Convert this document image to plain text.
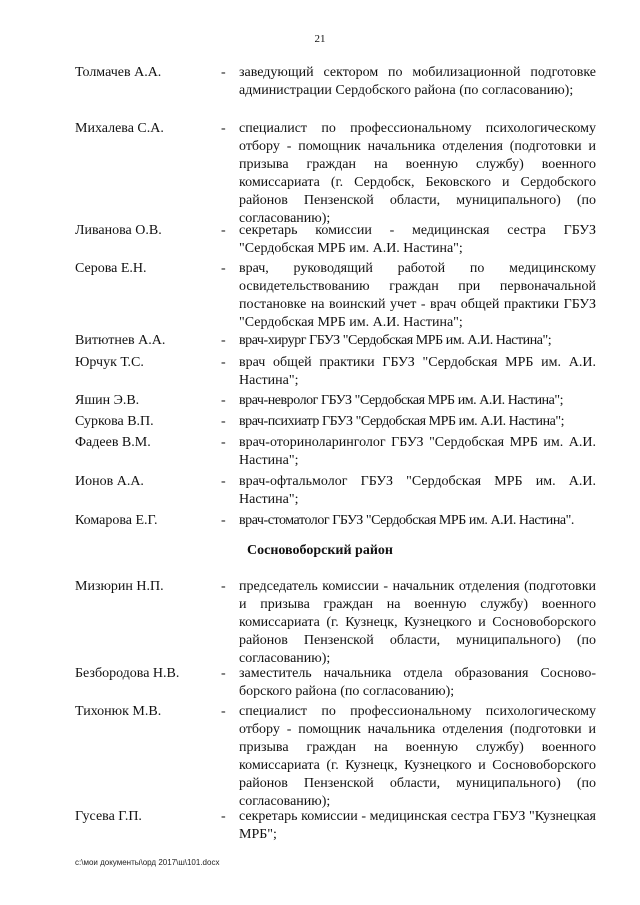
21
Толмачев А.А.	- заведующий сектором по мобилизационной подготовке администрации Сердобского района (по согласованию);
Михалева С.А.	- специалист по профессиональному психологическому отбору - помощник начальника отделения (подготовки и призыва граждан на военную службу) военного комиссариата (г. Сердобск, Бековского и Сердобского районов Пензенской области, муниципального) (по согласованию);
Ливанова О.В.	- секретарь комиссии - медицинская сестра ГБУЗ "Сердобская МРБ им. А.И. Настина";
Серова Е.Н.	- врач, руководящий работой по медицинскому освидетельствованию граждан при первоначальной постановке на воинский учет - врач общей практики ГБУЗ "Сердобская МРБ им. А.И. Настина";
Витютнев А.А.	- врач-хирург ГБУЗ "Сердобская МРБ им. А.И. Настина";
Юрчук Т.С.	- врач общей практики ГБУЗ "Сердобская МРБ им. А.И. Настина";
Яшин Э.В.	- врач-невролог ГБУЗ "Сердобская МРБ им. А.И. Настина";
Суркова В.П.	- врач-психиатр ГБУЗ "Сердобская МРБ им. А.И. Настина";
Фадеев В.М.	- врач-оториноларинголог ГБУЗ "Сердобская МРБ им. А.И. Настина";
Ионов А.А.	- врач-офтальмолог ГБУЗ "Сердобская МРБ им. А.И. Настина";
Комарова Е.Г.	- врач-стоматолог ГБУЗ "Сердобская МРБ им. А.И. Настина".
Сосновоборский район
Мизюрин Н.П.	- председатель комиссии - начальник отделения (подготовки и призыва граждан на военную службу) военного комиссариата (г. Кузнецк, Кузнецкого и Сосновоборского районов Пензенской области, муниципального) (по согласованию);
Безбородова Н.В.	- заместитель начальника отдела образования Сосново-борского района (по согласованию);
Тихонюк М.В.	- специалист по профессиональному психологическому отбору - помощник начальника отделения (подготовки и призыва граждан на военную службу) военного комиссариата (г. Кузнецк, Кузнецкого и Сосновоборского районов Пензенской области, муниципального) (по согласованию);
Гусева Г.П.	- секретарь комиссии - медицинская сестра ГБУЗ "Кузнецкая МРБ";
c:\мои документы\орд 2017\ш\101.docx
